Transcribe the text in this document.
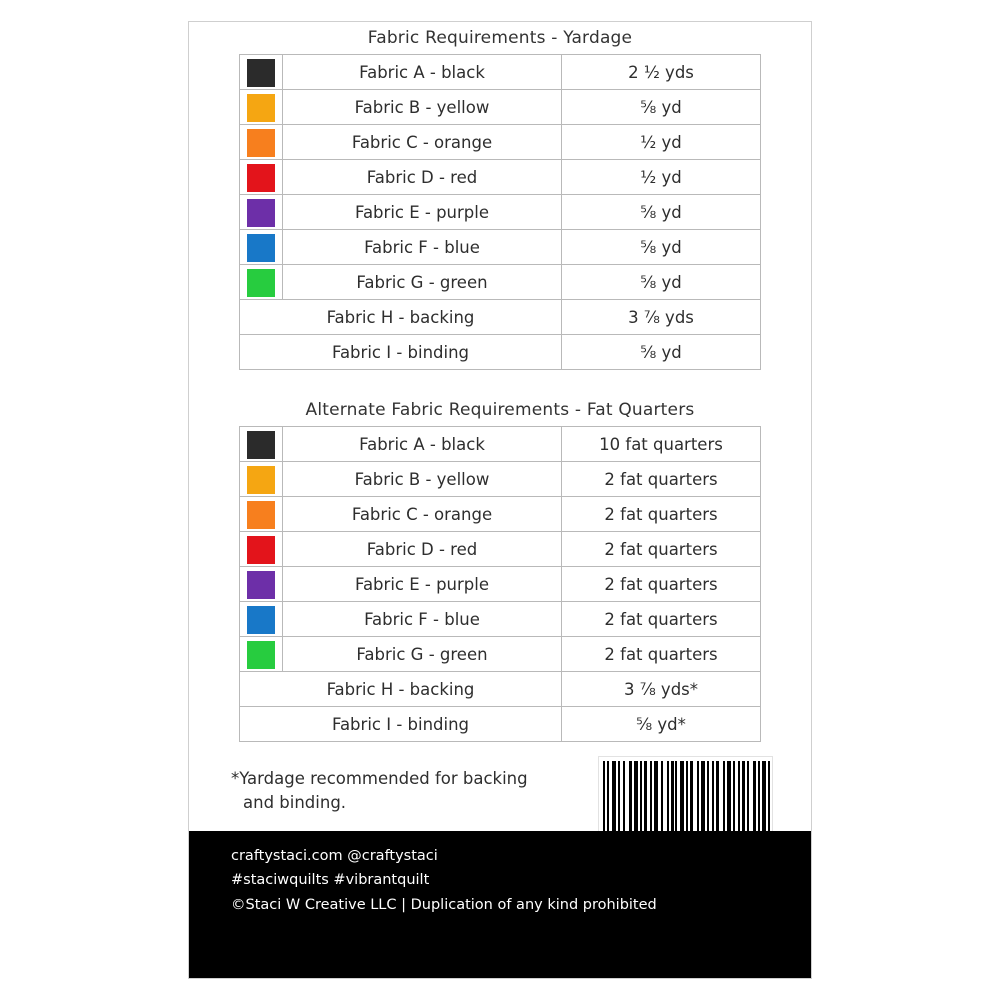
Fabric Requirements - Yardage
	Fabric A - black	2 ½ yds
	Fabric B - yellow	⅝ yd
	Fabric C - orange	½ yd
	Fabric D - red	½ yd
	Fabric E - purple	⅝ yd
	Fabric F - blue	⅝ yd
	Fabric G - green	⅝ yd
Fabric H - backing		3 ⅞ yds
Fabric I - binding		⅝ yd
Alternate Fabric Requirements - Fat Quarters
	Fabric A - black	10 fat quarters
	Fabric B - yellow	2 fat quarters
	Fabric C - orange	2 fat quarters
	Fabric D - red	2 fat quarters
	Fabric E - purple	2 fat quarters
	Fabric F - blue	2 fat quarters
	Fabric G - green	2 fat quarters
Fabric H - backing		3 ⅞ yds*
Fabric I - binding		⅝ yd*
*Yardage recommended for backing
and binding.
craftystaci.com @craftystaci
#staciwquilts #vibrantquilt
©Staci W Creative LLC | Duplication of any kind prohibited
